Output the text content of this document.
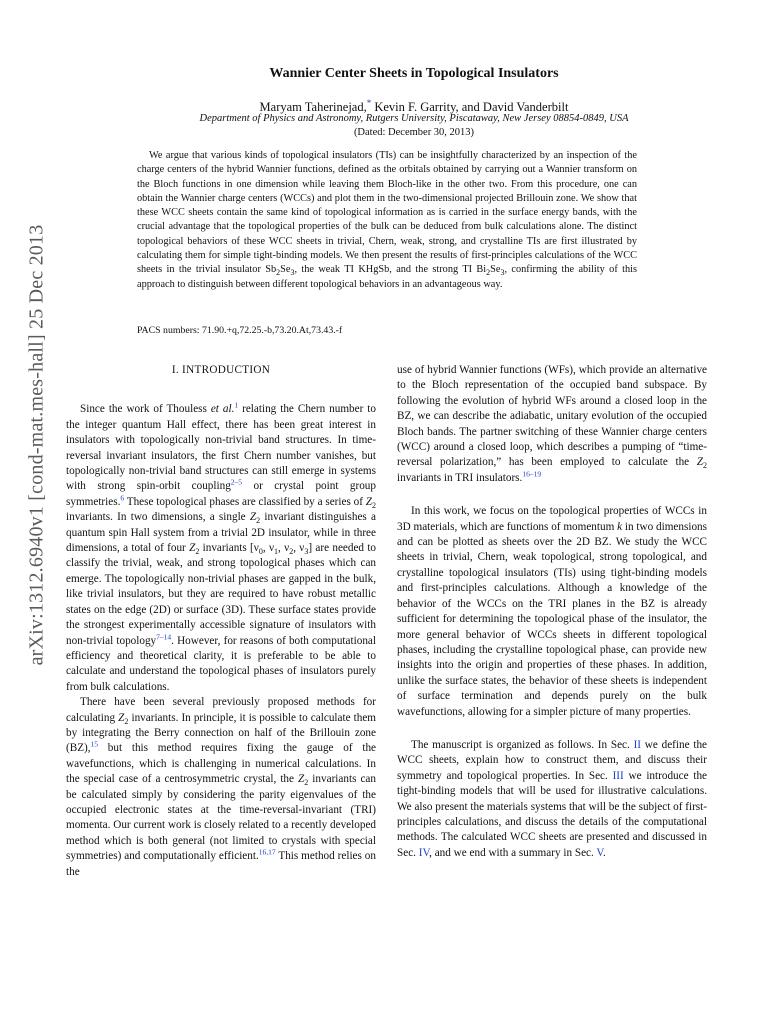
arXiv:1312.6940v1 [cond-mat.mes-hall] 25 Dec 2013
Wannier Center Sheets in Topological Insulators
Maryam Taherinejad,* Kevin F. Garrity, and David Vanderbilt
Department of Physics and Astronomy, Rutgers University, Piscataway, New Jersey 08854-0849, USA
(Dated: December 30, 2013)
We argue that various kinds of topological insulators (TIs) can be insightfully characterized by an inspection of the charge centers of the hybrid Wannier functions, defined as the orbitals obtained by carrying out a Wannier transform on the Bloch functions in one dimension while leaving them Bloch-like in the other two. From this procedure, one can obtain the Wannier charge centers (WCCs) and plot them in the two-dimensional projected Brillouin zone. We show that these WCC sheets contain the same kind of topological information as is carried in the surface energy bands, with the crucial advantage that the topological properties of the bulk can be deduced from bulk calculations alone. The distinct topological behaviors of these WCC sheets in trivial, Chern, weak, strong, and crystalline TIs are first illustrated by calculating them for simple tight-binding models. We then present the results of first-principles calculations of the WCC sheets in the trivial insulator $Sb_2Se_3$, the weak TI KHgSb, and the strong TI $Bi_2Se_3$, confirming the ability of this approach to distinguish between different topological behaviors in an advantageous way.
PACS numbers: 71.90.+q,72.25.-b,73.20.At,73.43.-f
I. INTRODUCTION

Since the work of Thouless et al.$^1$ relating the Chern number to the integer quantum Hall effect, there has been great interest in insulators with topologically non-trivial band structures. In time-reversal invariant insulators, the first Chern number vanishes, but topologically non-trivial band structures can still emerge in systems with strong spin-orbit coupling$^{2-5}$ or crystal point group symmetries.$^6$ These topological phases are classified by a series of $Z_2$ invariants. In two dimensions, a single $Z_2$ invariant distinguishes a quantum spin Hall system from a trivial 2D insulator, while in three dimensions, a total of four $Z_2$ invariants [$\nu_0$, $\nu_1$, $\nu_2$, $\nu_3$] are needed to classify the trivial, weak, and strong topological phases which can emerge. The topologically non-trivial phases are gapped in the bulk, like trivial insulators, but they are required to have robust metallic states on the edge (2D) or surface (3D). These surface states provide the strongest experimentally accessible signature of insulators with non-trivial topology$^{7-14}$. However, for reasons of both computational efficiency and theoretical clarity, it is preferable to be able to calculate and understand the topological phases of insulators purely from bulk calculations.

There have been several previously proposed methods for calculating $Z_2$ invariants. In principle, it is possible to calculate them by integrating the Berry connection on half of the Brillouin zone (BZ),$^{15}$ but this method requires fixing the gauge of the wavefunctions, which is challenging in numerical calculations. In the special case of a centrosymmetric crystal, the $Z_2$ invariants can be calculated simply by considering the parity eigenvalues of the occupied electronic states at the time-reversal-invariant (TRI) momenta. Our current work is closely related to a recently developed method which is both general (not limited to crystals with special symmetries) and computationally efficient.$^{16,17}$ This method relies on the

use of hybrid Wannier functions (WFs), which provide an alternative to the Bloch representation of the occupied band subspace. By following the evolution of hybrid WFs around a closed loop in the BZ, we can describe the adiabatic, unitary evolution of the occupied Bloch bands. The partner switching of these Wannier charge centers (WCC) around a closed loop, which describes a pumping of “time-reversal polarization,” has been employed to calculate the $Z_2$ invariants in TRI insulators.$^{16-19}$

In this work, we focus on the topological properties of WCCs in 3D materials, which are functions of momentum k in two dimensions and can be plotted as sheets over the 2D BZ. We study the WCC sheets in trivial, Chern, weak topological, strong topological, and crystalline topological insulators (TIs) using tight-binding models and first-principles calculations. Although a knowledge of the behavior of the WCCs on the TRI planes in the BZ is already sufficient for determining the topological phase of the insulator, the more general behavior of WCCs sheets in different topological phases, including the crystalline topological phase, can provide new insights into the origin and properties of these phases. In addition, unlike the surface states, the behavior of these sheets is independent of surface termination and depends purely on the bulk wavefunctions, allowing for a simpler picture of many properties.

The manuscript is organized as follows. In Sec. II we define the WCC sheets, explain how to construct them, and discuss their symmetry and topological properties. In Sec. III we introduce the tight-binding models that will be used for illustrative calculations. We also present the materials systems that will be the subject of first-principles calculations, and discuss the details of the computational methods. The calculated WCC sheets are presented and discussed in Sec. IV, and we end with a summary in Sec. V.
